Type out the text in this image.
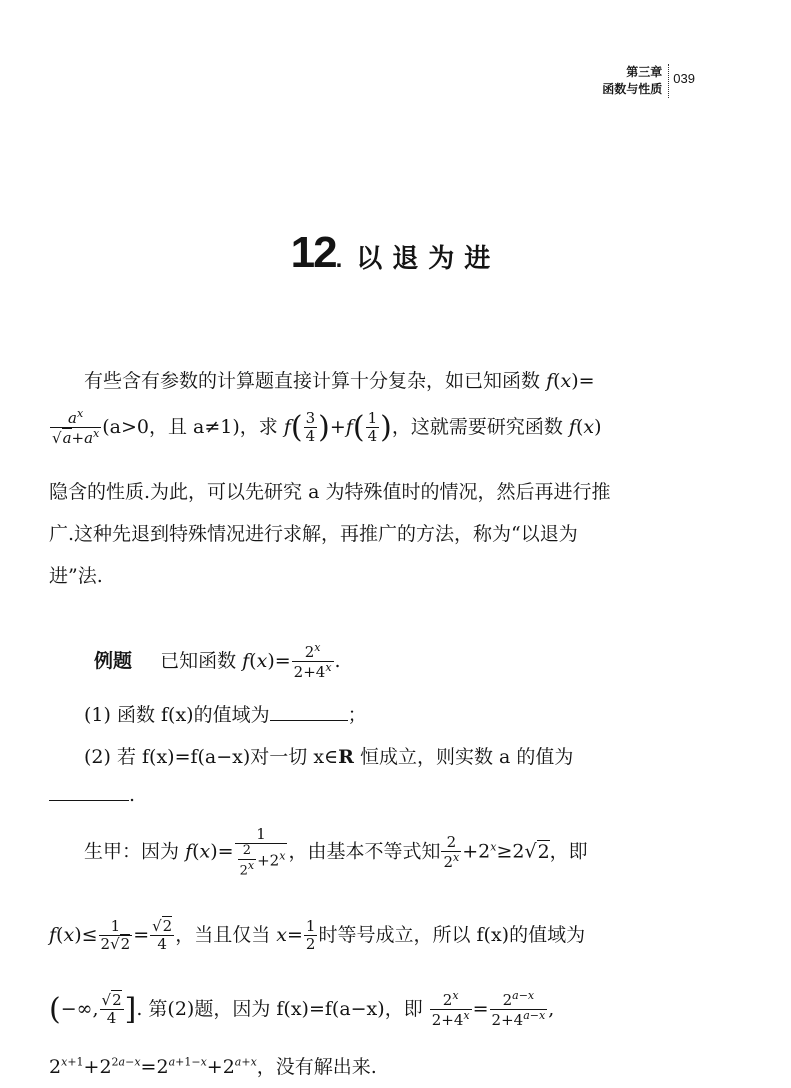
第三章
函数与性质
039
12. 以退为进
有些含有参数的计算题直接计算十分复杂，如已知函数 f(x)=
$\frac{a^x}{√a+a^x} (a>0$，且 a≠1)，求 $f( \frac{3}{4} )+f( \frac{1}{4}$ )，这就需要研究函数 f(x)
隐含的性质.为此，可以先研究 a 为特殊值时的情况，然后再进行推
广.这种先退到特殊情况进行求解，再推广的方法，称为“以退为
进”法.
例题 已知函数 $f(x)= \frac{2^x}{2+4^x}$ .
(1) 函数 f(x)的值域为	；
(2) 若 f(x)=f(a−x)对一切 x∈R 恒成立，则实数 a 的值为
.
生甲：因为 $f(x)= \frac{1}{\frac{2}{2^x} +2^x}$ ，由基本不等式知 $\frac{2}{2^x} +2^x\ge 2√2$，即
$f(x)\le \frac{1}{2√2} = \frac{√2}{4}$ ，当且仅当 $x= \frac{1}{2}$ 时等号成立，所以 f(x)的值域为
(−∞, $\frac{√2}{4}$ ]. 第(2)题，因为 f(x)=f(a−x)，即 $\frac{2^x}{2+4^x} = \frac{2^{a-x}}{2+4^{a-x}}$ ,
$2^{x+1}+2^{2a-x}=2^{a+1-x}+2^{a+x}$，没有解出来.
